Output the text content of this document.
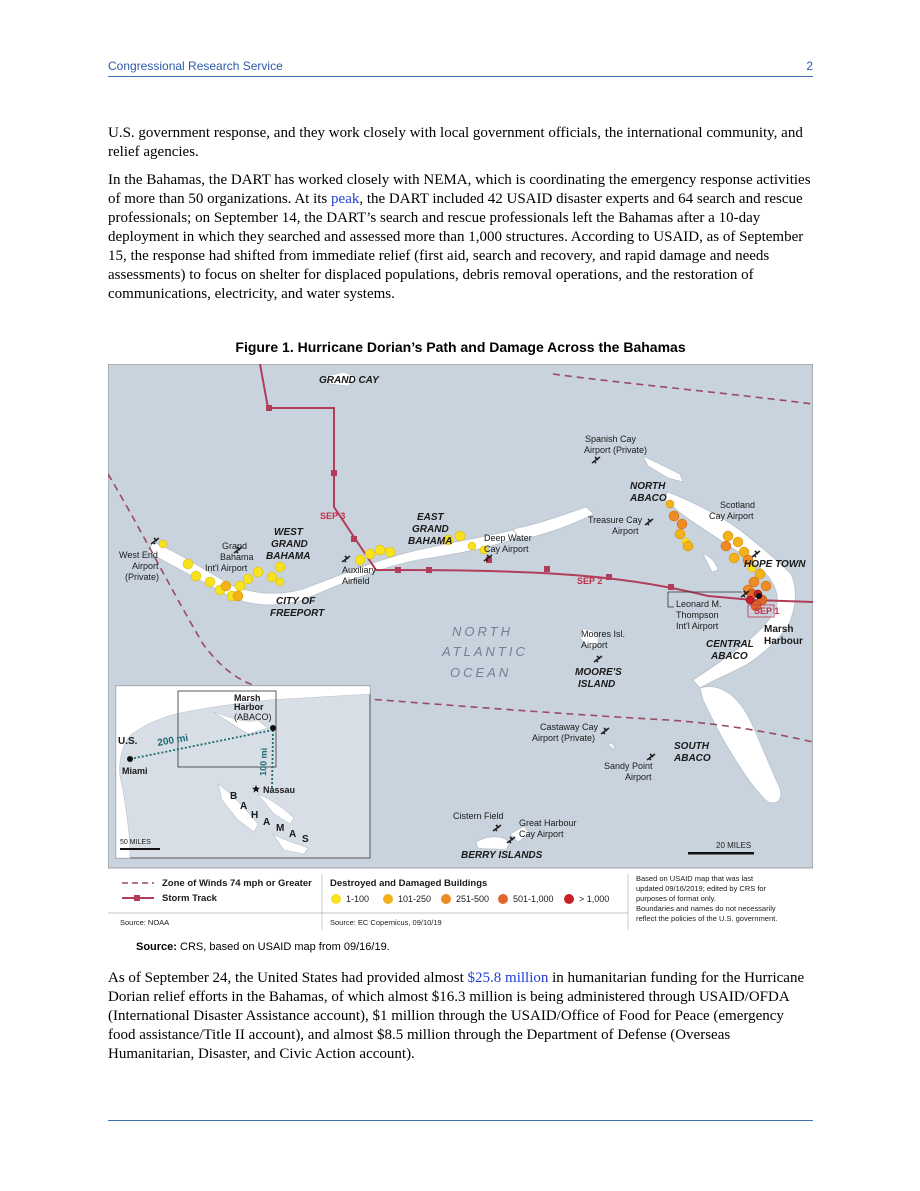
Congressional Research Service	2

U.S. government response, and they work closely with local government officials, the international community, and relief agencies.

In the Bahamas, the DART has worked closely with NEMA, which is coordinating the emergency response activities of more than 50 organizations. At its peak, the DART included 42 USAID disaster experts and 64 search and rescue professionals; on September 14, the DART’s search and rescue professionals left the Bahamas after a 10-day deployment in which they searched and assessed more than 1,000 structures. According to USAID, as of September 15, the response had shifted from immediate relief (first aid, search and recovery, and rapid damage and needs assessments) to focus on shelter for displaced populations, debris removal operations, and the restoration of communications, electricity, and water systems.

Figure 1. Hurricane Dorian’s Path and Damage Across the Bahamas
GRAND CAY
NORTH
ABACO
WEST
GRAND
BAHAMA
EAST
GRAND
BAHAMA
CITY OF
FREEPORT
HOPE TOWN
CENTRAL
ABACO
MOORE'S
ISLAND
SOUTH
ABACO
BERRY ISLANDS
Marsh
Harbour
NORTH
ATLANTIC
OCEAN
Spanish Cay
Airport (Private)
Treasure Cay
Airport
Scotland
Cay Airport
West End
Airport
(Private)
Grand
Bahama
Int'l Airport	Auxiliary
Airfield
Deep Water
Cay Airport
Leonard M.
Thompson
Int'l Airport
Moores Isl.
Airport
Castaway Cay
Airport (Private)
Sandy Point
Airport
Cistern Field
Great Harbour
Cay Airport
SEP 1
SEP 2
SEP 3
20 MILES
Marsh
Harbor
(ABACO)
U.S.
Miami
Nassau
50 MILES
200 mi
100 mi
B
A
H
A
M
A S
Zone of Winds 74 mph or Greater
Storm Track
Source: NOAA
Destroyed and Damaged Buildings
Source: EC Copernicus, 09/10/19
Based on USAID map that was last
updated 09/16/2019; edited by CRS for
purposes of format only.
Boundaries and names do not necessarily
reflect the policies of the U.S. government.
1-100	101-250	251-500	501-1,000	> 1,000
Source: CRS, based on USAID map from 09/16/19.

As of September 24, the United States had provided almost $25.8 million in humanitarian funding for the Hurricane Dorian relief efforts in the Bahamas, of which almost $16.3 million is being administered through USAID/OFDA (International Disaster Assistance account), $1 million through the USAID/Office of Food for Peace (emergency food assistance/Title II account), and almost $8.5 million through the Department of Defense (Overseas Humanitarian, Disaster, and Civic Action account).
